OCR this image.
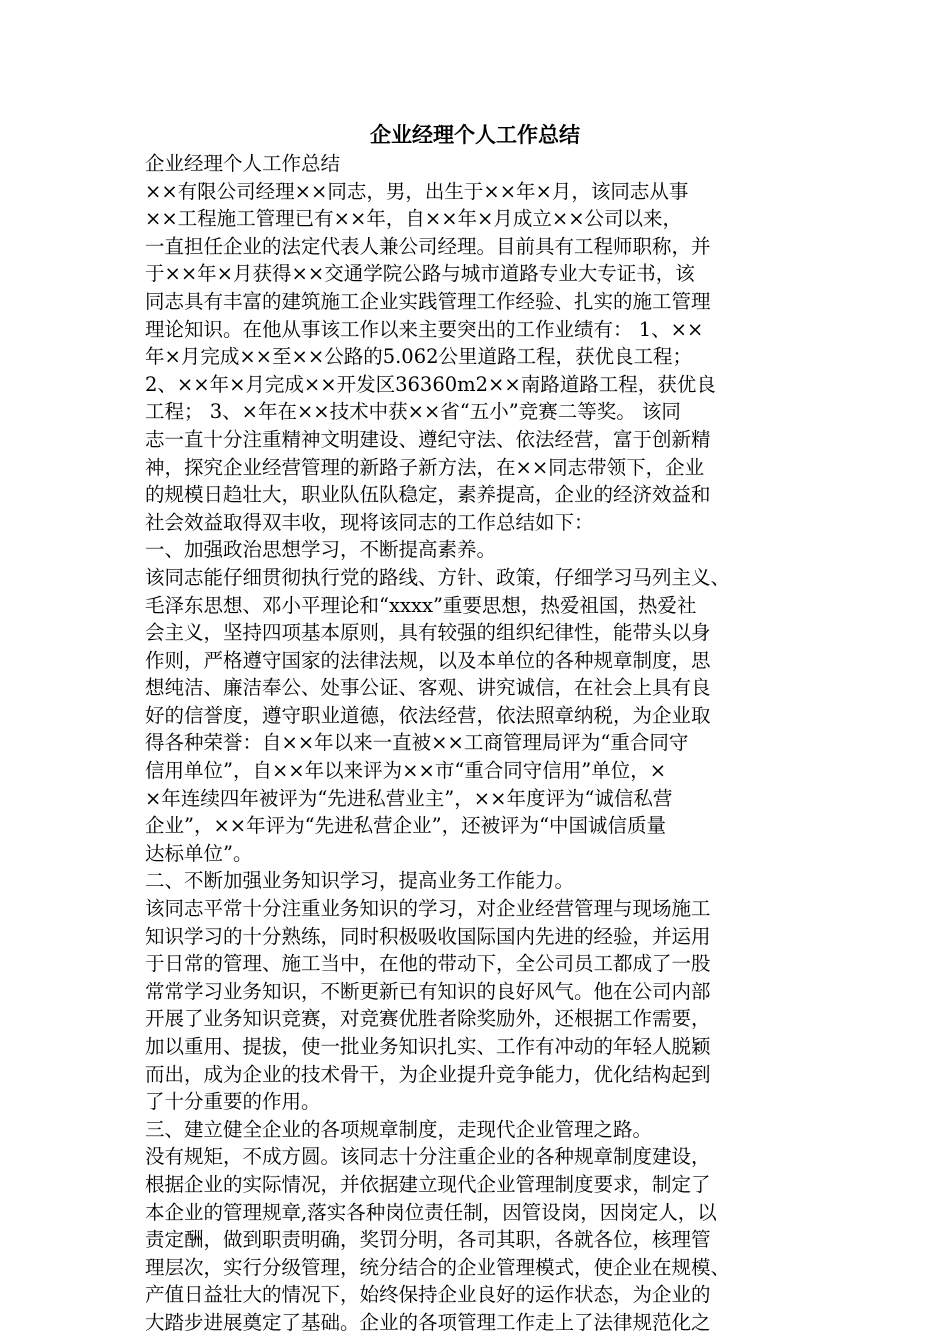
企业经理个人工作总结
企业经理个人工作总结
××有限公司经理××同志，男，出生于××年×月，该同志从事
××工程施工管理已有××年，自××年×月成立××公司以来，
一直担任企业的法定代表人兼公司经理。目前具有工程师职称，并
于××年×月获得××交通学院公路与城市道路专业大专证书，该
同志具有丰富的建筑施工企业实践管理工作经验、扎实的施工管理
理论知识。在他从事该工作以来主要突出的工作业绩有： 1、××
年×月完成××至××公路的5.062公里道路工程，获优良工程；
2、××年×月完成××开发区36360m2××南路道路工程，获优良
工程； 3、×年在××技术中获××省“五小”竞赛二等奖。 该同
志一直十分注重精神文明建设、遵纪守法、依法经营，富于创新精
神，探究企业经营管理的新路子新方法，在××同志带领下，企业
的规模日趋壮大，职业队伍队稳定，素养提高，企业的经济效益和
社会效益取得双丰收，现将该同志的工作总结如下：
一、加强政治思想学习，不断提高素养。
该同志能仔细贯彻执行党的路线、方针、政策，仔细学习马列主义、
毛泽东思想、邓小平理论和“xxxx”重要思想，热爱祖国，热爱社
会主义，坚持四项基本原则，具有较强的组织纪律性，能带头以身
作则，严格遵守国家的法律法规，以及本单位的各种规章制度，思
想纯洁、廉洁奉公、处事公证、客观、讲究诚信，在社会上具有良
好的信誉度，遵守职业道德，依法经营，依法照章纳税，为企业取
得各种荣誉：自××年以来一直被××工商管理局评为“重合同守
信用单位”，自××年以来评为××市“重合同守信用”单位，×
×年连续四年被评为“先进私营业主”，××年度评为“诚信私营
企业”，××年评为“先进私营企业”，还被评为“中国诚信质量
达标单位”。
二、不断加强业务知识学习，提高业务工作能力。
该同志平常十分注重业务知识的学习，对企业经营管理与现场施工
知识学习的十分熟练，同时积极吸收国际国内先进的经验，并运用
于日常的管理、施工当中，在他的带动下，全公司员工都成了一股
常常学习业务知识，不断更新已有知识的良好风气。他在公司内部
开展了业务知识竞赛，对竞赛优胜者除奖励外，还根据工作需要，
加以重用、提拔，使一批业务知识扎实、工作有冲动的年轻人脱颖
而出，成为企业的技术骨干，为企业提升竞争能力，优化结构起到
了十分重要的作用。
三、建立健全企业的各项规章制度，走现代企业管理之路。
没有规矩，不成方圆。该同志十分注重企业的各种规章制度建设，
根据企业的实际情况，并依据建立现代企业管理制度要求，制定了
本企业的管理规章,落实各种岗位责任制，因管设岗，因岗定人，以
责定酬，做到职责明确，奖罚分明，各司其职，各就各位，核理管
理层次，实行分级管理，统分结合的企业管理模式，使企业在规模、
产值日益壮大的情况下，始终保持企业良好的运作状态，为企业的
大踏步进展奠定了基础。企业的各项管理工作走上了法律规范化之
